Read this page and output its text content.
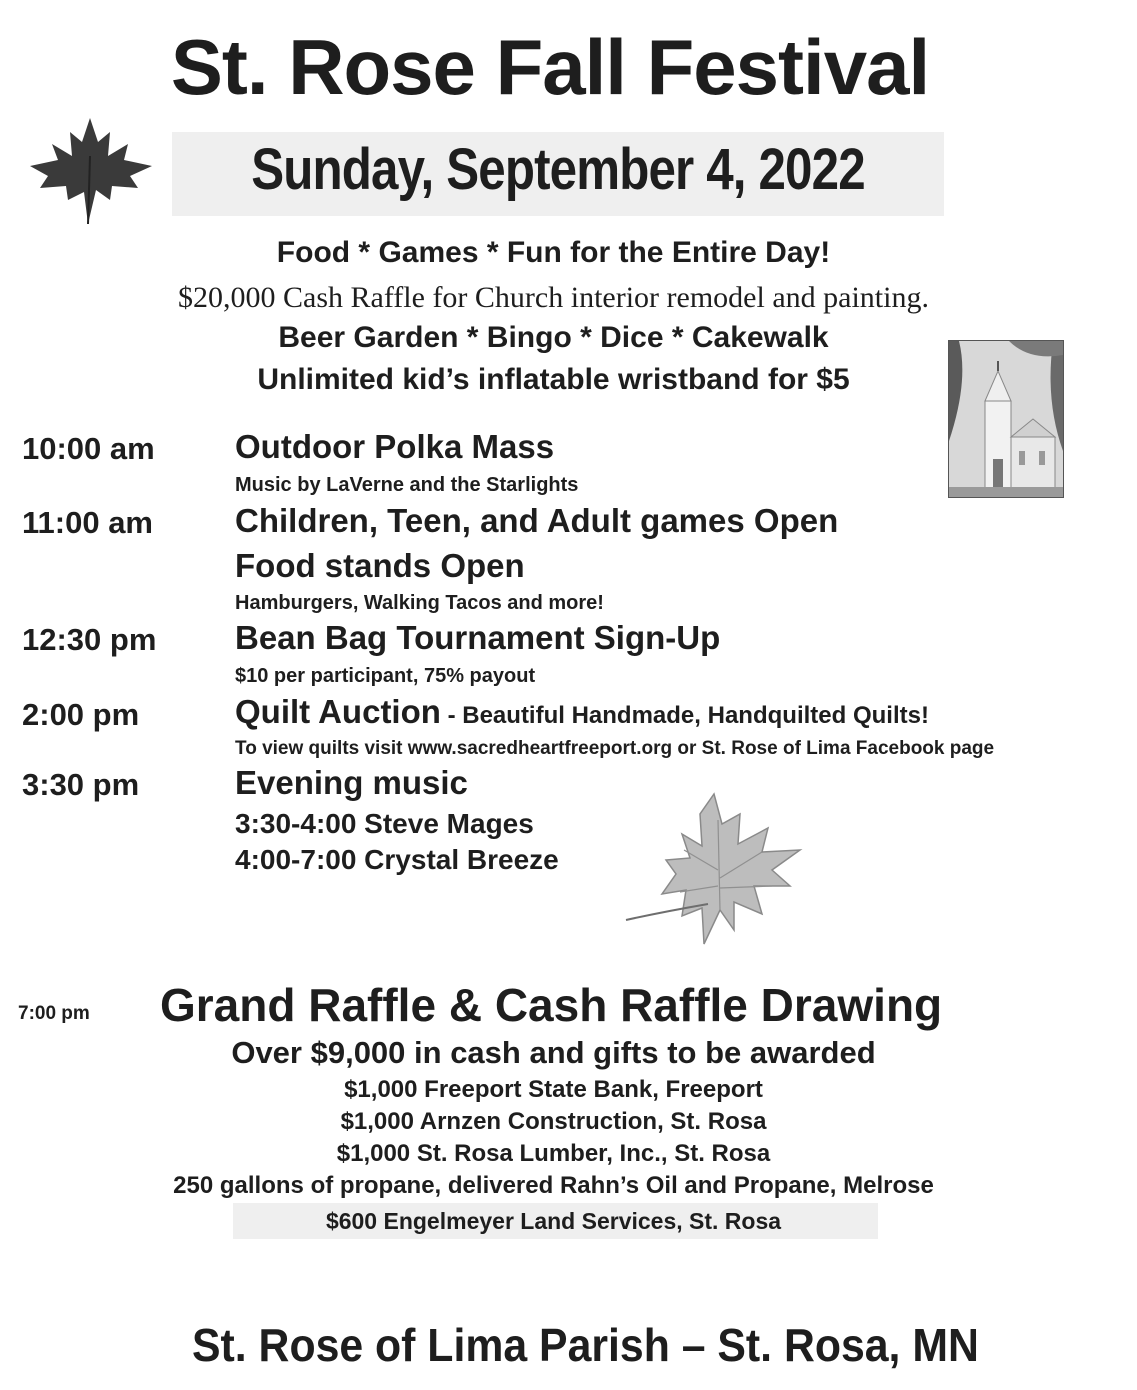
St. Rose Fall Festival
Sunday, September 4, 2022
Food * Games * Fun for the Entire Day!
$20,000 Cash Raffle for Church interior remodel and painting.
Beer Garden * Bingo * Dice * Cakewalk
Unlimited kid’s inflatable wristband for $5
10:00 am Outdoor Polka Mass
Music by LaVerne and the Starlights
11:00 am Children, Teen, and Adult games Open
Food stands Open
Hamburgers, Walking Tacos and more!
12:30 pm Bean Bag Tournament Sign-Up
$10 per participant, 75% payout
2:00 pm	Quilt Auction - Beautiful Handmade, Handquilted Quilts!
To view quilts visit www.sacredheartfreeport.org or St. Rose of Lima Facebook page
3:30 pm	Evening music
3:30-4:00 Steve Mages
4:00-7:00 Crystal Breeze
7:00 pm Grand Raffle & Cash Raffle Drawing
Over $9,000 in cash and gifts to be awarded
$1,000 Freeport State Bank, Freeport
$1,000 Arnzen Construction, St. Rosa
$1,000 St. Rosa Lumber, Inc., St. Rosa
250 gallons of propane, delivered Rahn’s Oil and Propane, Melrose
$600 Engelmeyer Land Services, St. Rosa
St. Rose of Lima Parish – St. Rosa, MN
